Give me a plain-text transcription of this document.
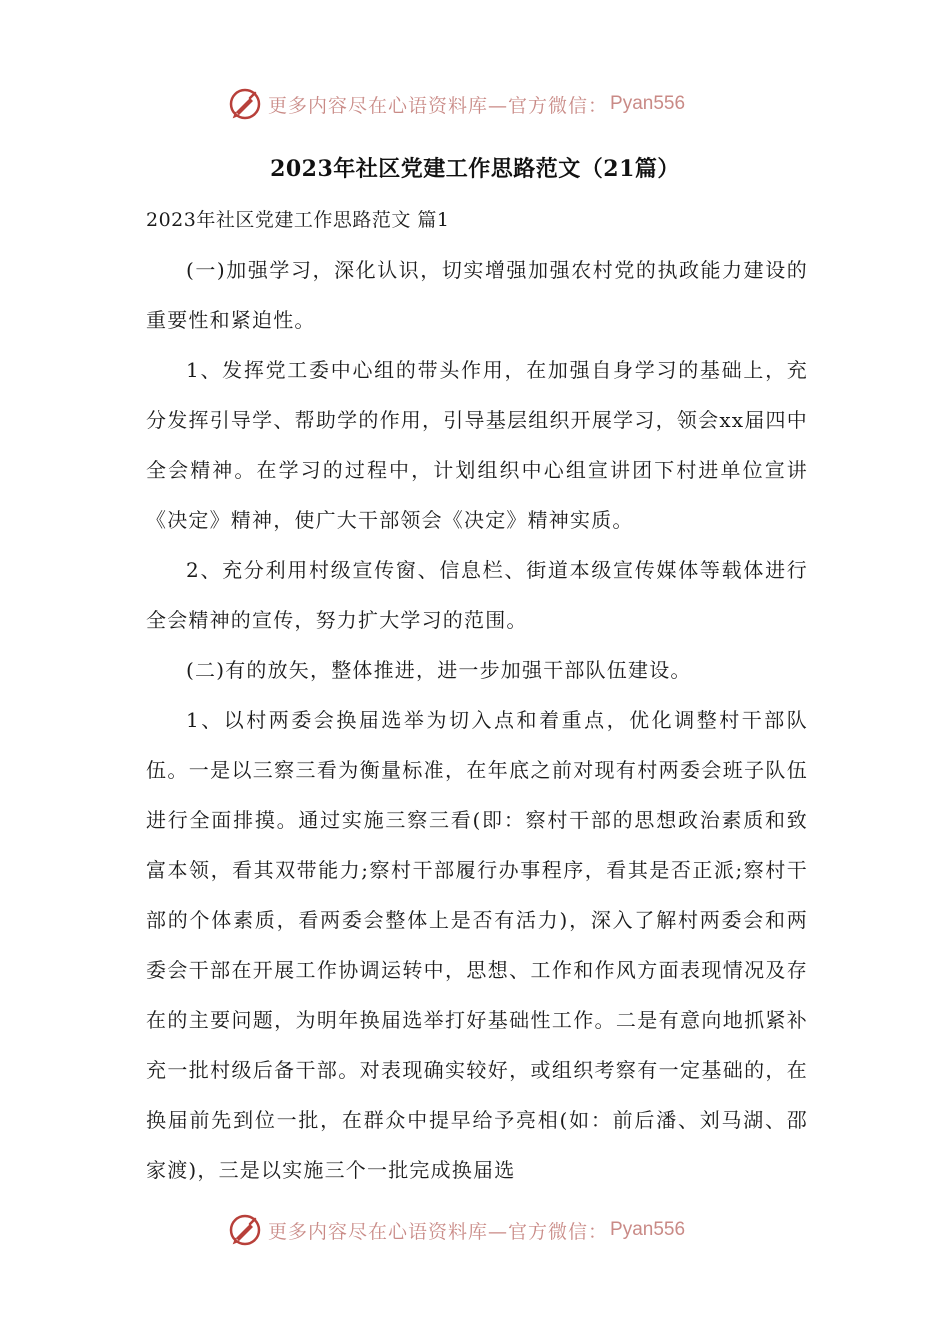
更多内容尽在心语资料库—官方微信： Pyan556
2023年社区党建工作思路范文（21篇）
2023年社区党建工作思路范文 篇1

(一)加强学习，深化认识，切实增强加强农村党的执政能力建设的重要性和紧迫性。

1、发挥党工委中心组的带头作用，在加强自身学习的基础上，充分发挥引导学、帮助学的作用，引导基层组织开展学习，领会xx届四中全会精神。在学习的过程中，计划组织中心组宣讲团下村进单位宣讲《决定》精神，使广大干部领会《决定》精神实质。

2、充分利用村级宣传窗、信息栏、街道本级宣传媒体等载体进行全会精神的宣传，努力扩大学习的范围。

(二)有的放矢，整体推进，进一步加强干部队伍建设。

1、以村两委会换届选举为切入点和着重点，优化调整村干部队伍。一是以三察三看为衡量标准，在年底之前对现有村两委会班子队伍进行全面排摸。通过实施三察三看(即：察村干部的思想政治素质和致富本领，看其双带能力;察村干部履行办事程序，看其是否正派;察村干部的个体素质，看两委会整体上是否有活力)，深入了解村两委会和两委会干部在开展工作协调运转中，思想、工作和作风方面表现情况及存在的主要问题，为明年换届选举打好基础性工作。二是有意向地抓紧补充一批村级后备干部。对表现确实较好，或组织考察有一定基础的，在换届前先到位一批，在群众中提早给予亮相(如：前后潘、刘马湖、邵家渡)，三是以实施三个一批完成换届选

更多内容尽在心语资料库—官方微信： Pyan556
